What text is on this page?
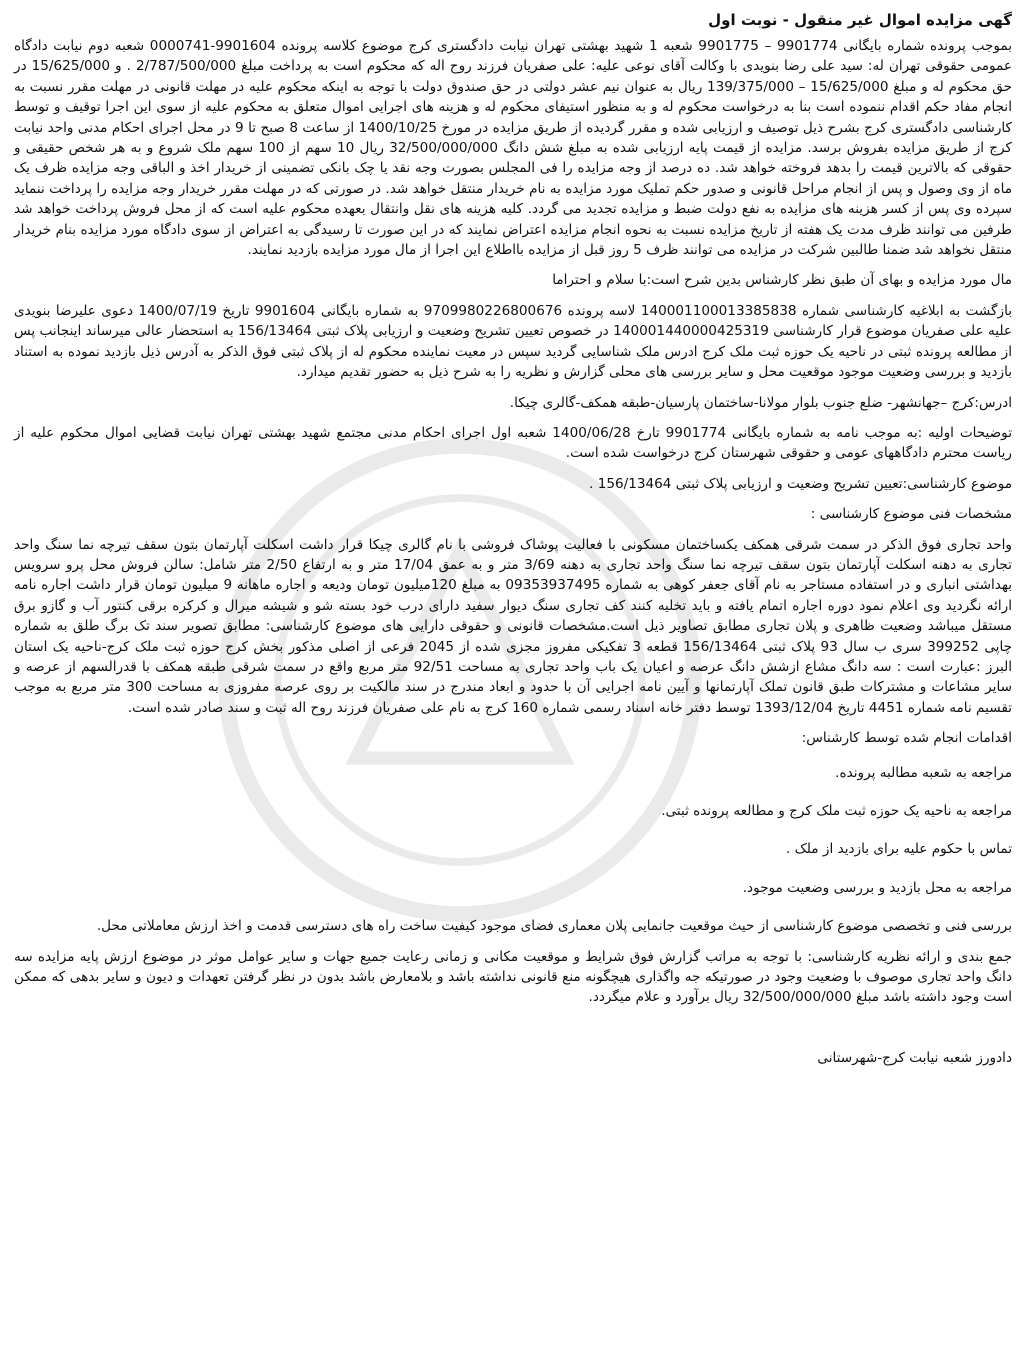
گهی مزایده اموال غیر منقول - نوبت اول
بموجب پرونده شماره بایگانی 9901774 – 9901775 شعبه 1 شهید بهشتی تهران نیابت دادگستری کرج موضوع کلاسه پرونده 9901604-0000741 شعبه دوم نیابت دادگاه عمومی حقوقی تهران له: سید علی رضا بنویدی با وکالت آقای نوعی علیه: علی صفریان فرزند روح اله که محکوم است به پرداخت مبلغ 2/787/500/000 . و 15/625/000 در حق محکوم له و مبلغ 15/625/000 – 139/375/000 ریال به عنوان نیم عشر دولتی در حق صندوق دولت با توجه به اینکه محکوم علیه در مهلت قانونی در مهلت مقرر نسبت به انجام مفاد حکم اقدام ننموده است بنا به درخواست محکوم له و به منظور استیفای محکوم له و هزینه های اجرایی اموال متعلق به محکوم علیه از سوی این اجرا توقیف و توسط کارشناسی دادگستری کرج بشرح ذیل توصیف و ارزیابی شده و مقرر گردیده از طریق مزایده در مورخ 1400/10/25 از ساعت 8 صبح تا 9 در محل اجرای احکام مدنی واحد نیابت کرج از طریق مزایده بفروش برسد. مزایده از قیمت پایه ارزیابی شده به مبلغ شش دانگ 32/500/000/000 ریال 10 سهم از 100 سهم ملک شروع و به هر شخص حقیقی و حقوقی که بالاترین قیمت را بدهد فروخته خواهد شد. ده درصد از وجه مزایده را فی المجلس بصورت وجه نقد یا چک بانکی تضمینی از خریدار اخذ و الباقی وجه مزایده ظرف یک ماه از وی وصول و پس از انجام مراحل قانونی و صدور حکم تملیک مورد مزایده به نام خریدار منتقل خواهد شد. در صورتی که در مهلت مقرر خریدار وجه مزایده را پرداخت ننماید سپرده وی پس از کسر هزینه های مزایده به نفع دولت ضبط و مزایده تجدید می گردد. کلیه هزینه های نقل وانتقال بعهده محکوم علیه است که از محل فروش پرداخت خواهد شد طرفین می توانند ظرف مدت یک هفته از تاریخ مزایده نسبت به نحوه انجام مزایده اعتراض نمایند که در این صورت تا رسیدگی به اعتراض از سوی دادگاه مورد مزایده بنام خریدار منتقل نخواهد شد ضمنا طالبین شرکت در مزایده می توانند ظرف 5 روز قبل از مزایده بااطلاع این اجرا از مال مورد مزایده بازدید نمایند.
مال مورد مزایده و بهای آن طبق نظر کارشناس بدین شرح است:با سلام و احتراما
بازگشت به ابلاغیه کارشناسی شماره 140001100013385838 لاسه پرونده 9709980226800676 به شماره بایگانی 9901604 تاریخ 1400/07/19 دعوی علیرضا بنویدی علیه علی صفریان موضوع قرار کارشناسی 140001440000425319 در خصوص تعیین تشریح وضعیت و ارزیابی پلاک ثبتی 156/13464 به استحضار عالی میرساند اینجانب پس از مطالعه پرونده ثبتی در ناحیه یک حوزه ثبت ملک کرج ادرس ملک شناسایی گردید سپس در معیت نماینده محکوم له از پلاک ثبتی فوق الذکر به آدرس ذیل بازدید نموده به استناد بازدید و بررسی وضعیت موجود موقعیت محل و سایر بررسی های محلی گزارش و نظریه را به شرح ذیل به حضور تقدیم میدارد.
ادرس:کرج –جهانشهر- ضلع جنوب بلوار مولانا-ساختمان پارسیان-طبقه همکف-گالری چیکا.
توضیحات اولیه :به موجب نامه به شماره بایگانی 9901774 تارخ 1400/06/28 شعبه اول اجرای احکام مدنی مجتمع شهید بهشتی تهران نیابت قضایی اموال محکوم علیه از ریاست محترم دادگاههای عومی و حقوقی شهرستان کرج درخواست شده است.
موضوع کارشناسی:تعیین تشریح وضعیت و ارزیابی پلاک ثبتی 156/13464 .
مشخصات فنی موضوع کارشناسی :
واحد تجاری فوق الذکر در سمت شرقی همکف یکساختمان مسکونی با فعالیت پوشاک فروشی با نام گالری چیکا قرار داشت اسکلت آپارتمان بتون سقف تیرچه نما سنگ واحد تجاری به دهنه اسکلت آپارتمان بتون سقف تیرچه نما سنگ واحد تجاری به دهنه 3/69 متر و به عمق 17/04 متر و به ارتفاع 2/50 متر شامل: سالن فروش محل پرو سرویس بهداشتی انباری و در استفاده مستاجر به نام آقای جعفر کوهی به شماره 09353937495 به مبلغ 120میلیون تومان ودیعه و اجاره ماهانه 9 میلیون تومان قرار داشت اجاره نامه ارائه نگردید وی اعلام نمود دوره اجاره اتمام یافته و باید تخلیه کنند کف تجاری سنگ دیوار سفید دارای درب خود بسته شو و شیشه میرال و کرکره برقی کنتور آب و گازو برق مستقل میباشد وضعیت ظاهری و پلان تجاری مطابق تصاویر ذیل است.مشخصات قانونی و حقوقی دارایی های موضوع کارشناسی: مطابق تصویر سند تک برگ طلق به شماره چاپی 399252 سری ب سال 93 پلاک ثبتی 156/13464 قطعه 3 تفکیکی مفروز مجزی شده از 2045 فرعی از اصلی مذکور بخش کرج حوزه ثبت ملک کرج-ناحیه یک استان البرز :عبارت است : سه دانگ مشاع ازشش دانگ عرصه و اعیان یک باب واحد تجاری به مساحت 92/51 متر مربع واقع در سمت شرقی طبقه همکف با قدرالسهم از عرصه و سایر مشاعات و مشترکات طبق قانون تملک آپارتمانها و آیین نامه اجرایی آن با حدود و ابعاد مندرج در سند مالکیت بر روی عرصه مفروزی به مساحت 300 متر مربع به موجب تقسیم نامه شماره 4451 تاریخ 1393/12/04 توسط دفتر خانه اسناد رسمی شماره 160 کرج به نام علی صفریان فرزند روح اله ثبت و سند صادر شده است.
اقدامات انجام شده توسط کارشناس:
مراجعه به شعبه مطالبه پرونده.
مراجعه به ناحیه یک حوزه ثبت ملک کرج و مطالعه پرونده ثبتی.
تماس با حکوم علیه برای بازدید از ملک .
مراجعه به محل بازدید و بررسی وضعیت موجود.
بررسی فنی و تخصصی موضوع کارشناسی از حیث موقعیت جانمایی پلان معماری فضای موجود کیفیت ساخت راه های دسترسی قدمت و اخذ ارزش معاملاتی محل.
جمع بندی و ارائه نظریه کارشناسی: با توجه به مراتب گزارش فوق شرایط و موقعیت مکانی و زمانی رعایت جمیع جهات و سایر عوامل موثر در موضوع ارزش پایه مزایده سه دانگ واحد تجاری موصوف با وضعیت وجود در صورتیکه جه واگذاری هیچگونه منع قانونی نداشته باشد و بلامعارض باشد بدون در نظر گرفتن تعهدات و دیون و سایر بدهی که ممکن است وجود داشته باشد مبلغ 32/500/000/000 ریال برآورد و علام میگردد.
دادورز شعبه نیابت کرج-شهرستانی
